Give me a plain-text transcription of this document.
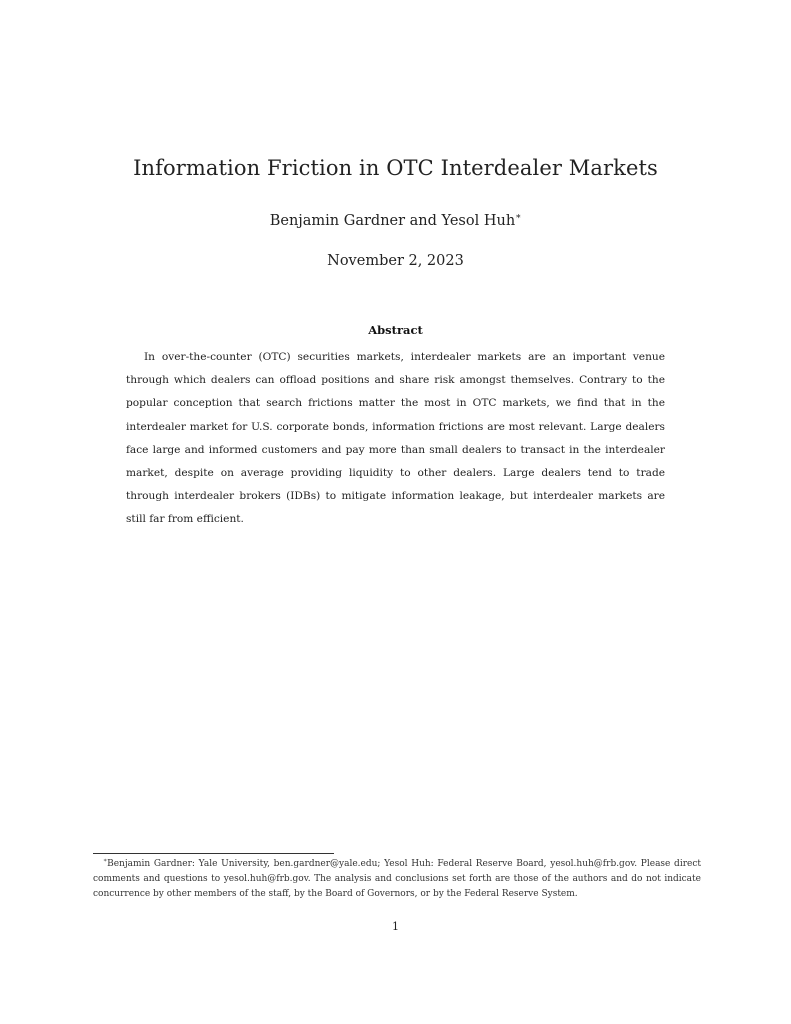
Information Friction in OTC Interdealer Markets
Benjamin Gardner and Yesol Huh∗
November 2, 2023
Abstract

In over-the-counter (OTC) securities markets, interdealer markets are an important venue through which dealers can offload positions and share risk amongst themselves. Contrary to the popular conception that search frictions matter the most in OTC markets, we find that in the interdealer market for U.S. corporate bonds, information frictions are most relevant. Large dealers face large and informed customers and pay more than small dealers to transact in the interdealer market, despite on average providing liquidity to other dealers. Large dealers tend to trade through interdealer brokers (IDBs) to mitigate information leakage, but interdealer markets are still far from efficient.

∗Benjamin Gardner: Yale University, ben.gardner@yale.edu; Yesol Huh: Federal Reserve Board, yesol.huh@frb.gov. Please direct comments and questions to yesol.huh@frb.gov. The analysis and conclusions set forth are those of the authors and do not indicate concurrence by other members of the staff, by the Board of Governors, or by the Federal Reserve System.

1
